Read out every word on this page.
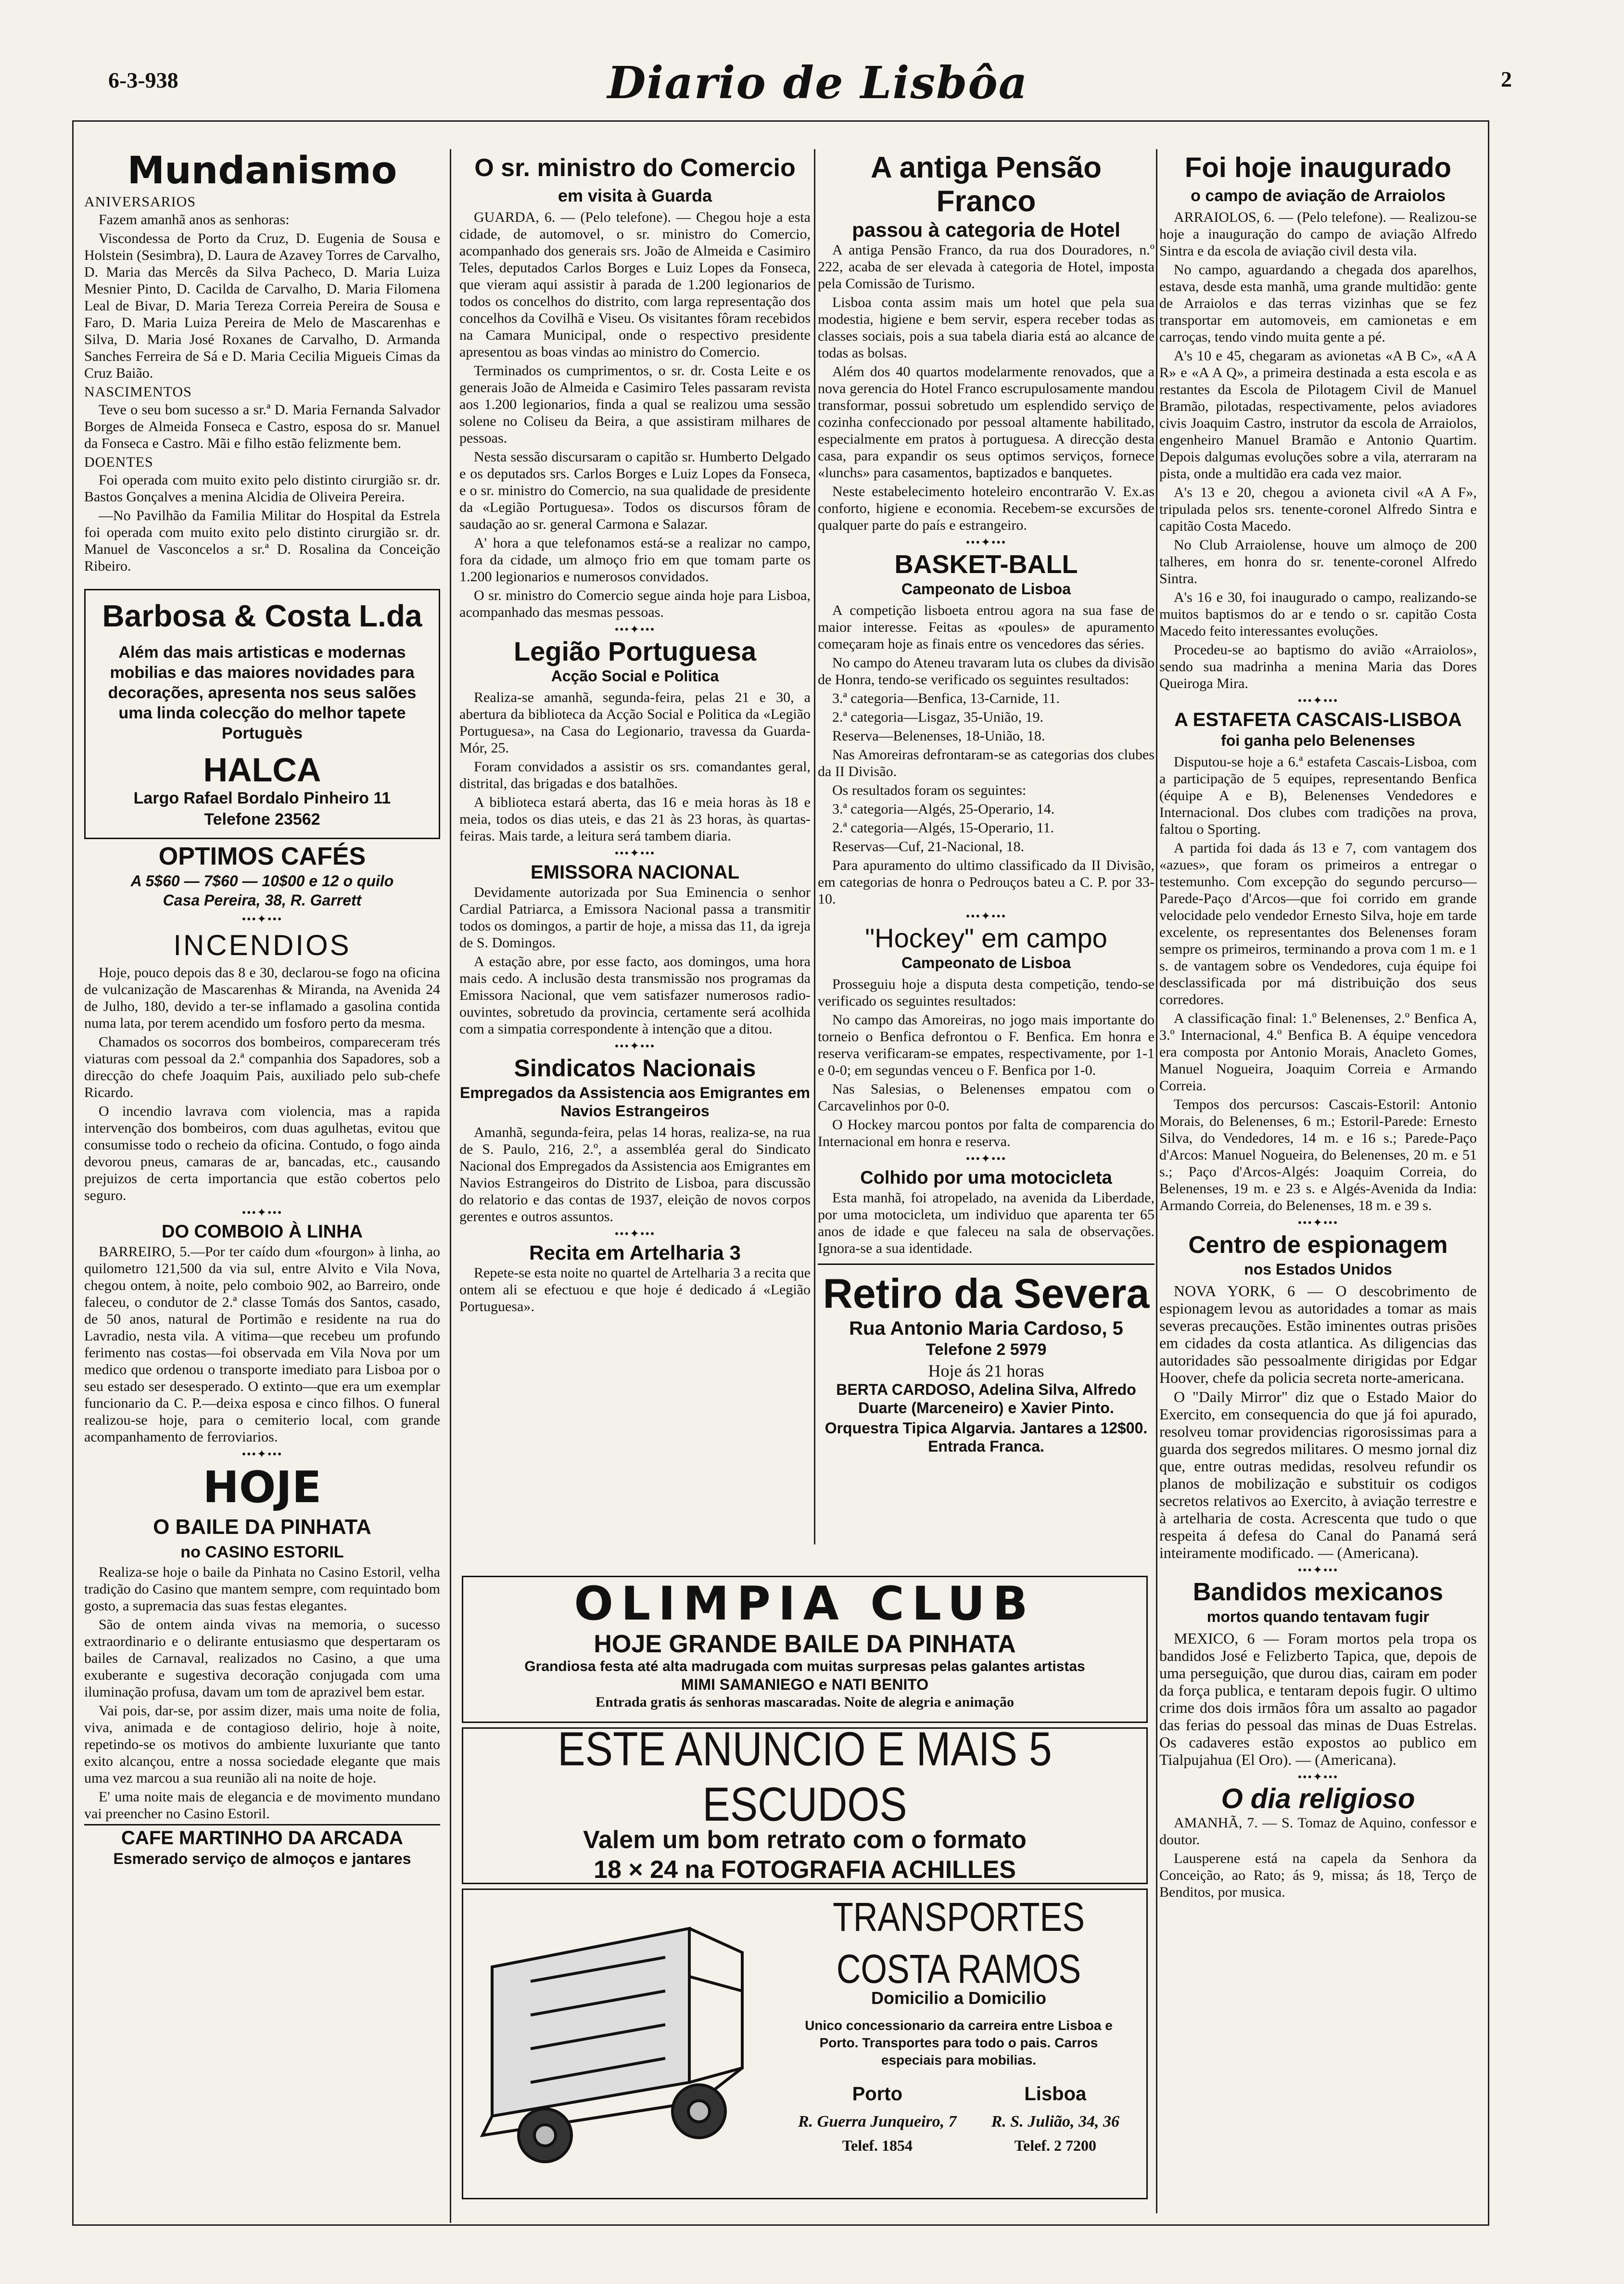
6-3-938	Diario de Lisbôa	2
Mundanismo
ANIVERSARIOS

Fazem amanhã anos as senhoras:

Viscondessa de Porto da Cruz, D. Eugenia de Sousa e Holstein (Sesimbra), D. Laura de Azavey Torres de Carvalho, D. Maria das Mercês da Silva Pacheco, D. Maria Luiza Mesnier Pinto, D. Cacilda de Carvalho, D. Maria Filomena Leal de Bivar, D. Maria Tereza Correia Pereira de Sousa e Faro, D. Maria Luiza Pereira de Melo de Mascarenhas e Silva, D. Maria José Roxanes de Carvalho, D. Armanda Sanches Ferreira de Sá e D. Maria Cecilia Migueis Cimas da Cruz Baião.

NASCIMENTOS

Teve o seu bom sucesso a sr.ª D. Maria Fernanda Salvador Borges de Almeida Fonseca e Castro, esposa do sr. Manuel da Fonseca e Castro. Mãi e filho estão felizmente bem.

DOENTES

Foi operada com muito exito pelo distinto cirurgião sr. dr. Bastos Gonçalves a menina Alcidia de Oliveira Pereira.

—No Pavilhão da Familia Militar do Hospital da Estrela foi operada com muito exito pelo distinto cirurgião sr. dr. Manuel de Vasconcelos a sr.ª D. Rosalina da Conceição Ribeiro.

Barbosa & Costa L.da

Além das mais artisticas e modernas mobilias e das maiores novidades para decorações, apresenta nos seus salões uma linda colecção do melhor tapete Portuguès

HALCA
Largo Rafael Bordalo Pinheiro 11
Telefone 23562
OPTIMOS CAFÉS
A 5$60 — 7$60 — 10$00 e 12 o quilo
Casa Pereira, 38, R. Garrett
•••✦•••
INCENDIOS

Hoje, pouco depois das 8 e 30, declarou-se fogo na oficina de vulcanização de Mascarenhas & Miranda, na Avenida 24 de Julho, 180, devido a ter-se inflamado a gasolina contida numa lata, por terem acendido um fosforo perto da mesma.

Chamados os socorros dos bombeiros, compareceram trés viaturas com pessoal da 2.ª companhia dos Sapadores, sob a direcção do chefe Joaquim Pais, auxiliado pelo sub-chefe Ricardo.

O incendio lavrava com violencia, mas a rapida intervenção dos bombeiros, com duas agulhetas, evitou que consumisse todo o recheio da oficina. Contudo, o fogo ainda devorou pneus, camaras de ar, bancadas, etc., causando prejuizos de certa importancia que estão cobertos pelo seguro.

•••✦•••
DO COMBOIO À LINHA

BARREIRO, 5.—Por ter caído dum «fourgon» à linha, ao quilometro 121,500 da via sul, entre Alvito e Vila Nova, chegou ontem, à noite, pelo comboio 902, ao Barreiro, onde faleceu, o condutor de 2.ª classe Tomás dos Santos, casado, de 50 anos, natural de Portimão e residente na rua do Lavradio, nesta vila. A vitima—que recebeu um profundo ferimento nas costas—foi observada em Vila Nova por um medico que ordenou o transporte imediato para Lisboa por o seu estado ser desesperado. O extinto—que era um exemplar funcionario da C. P.—deixa esposa e cinco filhos. O funeral realizou-se hoje, para o cemiterio local, com grande acompanhamento de ferroviarios.

•••✦•••
HOJE
O BAILE DA PINHATA
no CASINO ESTORIL

Realiza-se hoje o baile da Pinhata no Casino Estoril, velha tradição do Casino que mantem sempre, com requintado bom gosto, a supremacia das suas festas elegantes.

São de ontem ainda vivas na memoria, o sucesso extraordinario e o delirante entusiasmo que despertaram os bailes de Carnaval, realizados no Casino, a que uma exuberante e sugestiva decoração conjugada com uma iluminação profusa, davam um tom de aprazivel bem estar.

Vai pois, dar-se, por assim dizer, mais uma noite de folia, viva, animada e de contagioso delirio, hoje à noite, repetindo-se os motivos do ambiente luxuriante que tanto exito alcançou, entre a nossa sociedade elegante que mais uma vez marcou a sua reunião ali na noite de hoje.

E' uma noite mais de elegancia e de movimento mundano vai preencher no Casino Estoril.

CAFE MARTINHO DA ARCADA
Esmerado serviço de almoços e jantares
O sr. ministro do Comercio
em visita à Guarda

GUARDA, 6. — (Pelo telefone). — Chegou hoje a esta cidade, de automovel, o sr. ministro do Comercio, acompanhado dos generais srs. João de Almeida e Casimiro Teles, deputados Carlos Borges e Luiz Lopes da Fonseca, que vieram aqui assistir à parada de 1.200 legionarios de todos os concelhos do distrito, com larga representação dos concelhos da Covilhã e Viseu. Os visitantes fôram recebidos na Camara Municipal, onde o respectivo presidente apresentou as boas vindas ao ministro do Comercio.

Terminados os cumprimentos, o sr. dr. Costa Leite e os generais João de Almeida e Casimiro Teles passaram revista aos 1.200 legionarios, finda a qual se realizou uma sessão solene no Coliseu da Beira, a que assistiram milhares de pessoas.

Nesta sessão discursaram o capitão sr. Humberto Delgado e os deputados srs. Carlos Borges e Luiz Lopes da Fonseca, e o sr. ministro do Comercio, na sua qualidade de presidente da «Legião Portuguesa». Todos os discursos fôram de saudação ao sr. general Carmona e Salazar.

A' hora a que telefonamos está-se a realizar no campo, fora da cidade, um almoço frio em que tomam parte os 1.200 legionarios e numerosos convidados.

O sr. ministro do Comercio segue ainda hoje para Lisboa, acompanhado das mesmas pessoas.

•••✦•••
Legião Portuguesa
Acção Social e Politica

Realiza-se amanhã, segunda-feira, pelas 21 e 30, a abertura da biblioteca da Acção Social e Politica da «Legião Portuguesa», na Casa do Legionario, travessa da Guarda-Mór, 25.

Foram convidados a assistir os srs. comandantes geral, distrital, das brigadas e dos batalhões.

A biblioteca estará aberta, das 16 e meia horas às 18 e meia, todos os dias uteis, e das 21 às 23 horas, às quartas-feiras. Mais tarde, a leitura será tambem diaria.

•••✦•••
EMISSORA NACIONAL

Devidamente autorizada por Sua Eminencia o senhor Cardial Patriarca, a Emissora Nacional passa a transmitir todos os domingos, a partir de hoje, a missa das 11, da igreja de S. Domingos.

A estação abre, por esse facto, aos domingos, uma hora mais cedo. A inclusão desta transmissão nos programas da Emissora Nacional, que vem satisfazer numerosos radio-ouvintes, sobretudo da provincia, certamente será acolhida com a simpatia correspondente à intenção que a ditou.

•••✦•••
Sindicatos Nacionais
Empregados da Assistencia aos Emigrantes em Navios Estrangeiros

Amanhã, segunda-feira, pelas 14 horas, realiza-se, na rua de S. Paulo, 216, 2.º, a assembléa geral do Sindicato Nacional dos Empregados da Assistencia aos Emigrantes em Navios Estrangeiros do Distrito de Lisboa, para discussão do relatorio e das contas de 1937, eleição de novos corpos gerentes e outros assuntos.

•••✦•••
Recita em Artelharia 3

Repete-se esta noite no quartel de Artelharia 3 a recita que ontem ali se efectuou e que hoje é dedicado á «Legião Portuguesa».

A antiga Pensão Franco
passou à categoria de Hotel

A antiga Pensão Franco, da rua dos Douradores, n.º 222, acaba de ser elevada à categoria de Hotel, imposta pela Comissão de Turismo.

Lisboa conta assim mais um hotel que pela sua modestia, higiene e bem servir, espera receber todas as classes sociais, pois a sua tabela diaria está ao alcance de todas as bolsas.

Além dos 40 quartos modelarmente renovados, que a nova gerencia do Hotel Franco escrupulosamente mandou transformar, possui sobretudo um esplendido serviço de cozinha confeccionado por pessoal altamente habilitado, especialmente em pratos à portuguesa. A direcção desta casa, para expandir os seus optimos serviços, fornece «lunchs» para casamentos, baptizados e banquetes.

Neste estabelecimento hoteleiro encontrarão V. Ex.as conforto, higiene e economia. Recebem-se excursões de qualquer parte do país e estrangeiro.

•••✦•••
BASKET-BALL
Campeonato de Lisboa

A competição lisboeta entrou agora na sua fase de maior interesse. Feitas as «poules» de apuramento começaram hoje as finais entre os vencedores das séries.

No campo do Ateneu travaram luta os clubes da divisão de Honra, tendo-se verificado os seguintes resultados:

3.ª categoria—Benfica, 13-Carnide, 11.

2.ª categoria—Lisgaz, 35-União, 19.

Reserva—Belenenses, 18-União, 18.

Nas Amoreiras defrontaram-se as categorias dos clubes da II Divisão.

Os resultados foram os seguintes:

3.ª categoria—Algés, 25-Operario, 14.

2.ª categoria—Algés, 15-Operario, 11.

Reservas—Cuf, 21-Nacional, 18.

Para apuramento do ultimo classificado da II Divisão, em categorias de honra o Pedrouços bateu a C. P. por 33-10.

•••✦•••
"Hockey" em campo
Campeonato de Lisboa

Prosseguiu hoje a disputa desta competição, tendo-se verificado os seguintes resultados:

No campo das Amoreiras, no jogo mais importante do torneio o Benfica defrontou o F. Benfica. Em honra e reserva verificaram-se empates, respectivamente, por 1-1 e 0-0; em segundas venceu o F. Benfica por 1-0.

Nas Salesias, o Belenenses empatou com o Carcavelinhos por 0-0.

O Hockey marcou pontos por falta de comparencia do Internacional em honra e reserva.

•••✦•••
Colhido por uma motocicleta

Esta manhã, foi atropelado, na avenida da Liberdade, por uma motocicleta, um individuo que aparenta ter 65 anos de idade e que faleceu na sala de observações. Ignora-se a sua identidade.

Retiro da Severa
Rua Antonio Maria Cardoso, 5
Telefone 2 5979
Hoje ás 21 horas

BERTA CARDOSO, Adelina Silva, Alfredo Duarte (Marceneiro) e Xavier Pinto.

Orquestra Tipica Algarvia. Jantares a 12$00. Entrada Franca.

Foi hoje inaugurado
o campo de aviação de Arraiolos

ARRAIOLOS, 6. — (Pelo telefone). — Realizou-se hoje a inauguração do campo de aviação Alfredo Sintra e da escola de aviação civil desta vila.

No campo, aguardando a chegada dos aparelhos, estava, desde esta manhã, uma grande multidão: gente de Arraiolos e das terras vizinhas que se fez transportar em automoveis, em camionetas e em carroças, tendo vindo muita gente a pé.

A's 10 e 45, chegaram as avionetas «A B C», «A A R» e «A A Q», a primeira destinada a esta escola e as restantes da Escola de Pilotagem Civil de Manuel Bramão, pilotadas, respectivamente, pelos aviadores civis Joaquim Castro, instrutor da escola de Arraiolos, engenheiro Manuel Bramão e Antonio Quartim. Depois dalgumas evoluções sobre a vila, aterraram na pista, onde a multidão era cada vez maior.

A's 13 e 20, chegou a avioneta civil «A A F», tripulada pelos srs. tenente-coronel Alfredo Sintra e capitão Costa Macedo.

No Club Arraiolense, houve um almoço de 200 talheres, em honra do sr. tenente-coronel Alfredo Sintra.

A's 16 e 30, foi inaugurado o campo, realizando-se muitos baptismos do ar e tendo o sr. capitão Costa Macedo feito interessantes evoluções.

Procedeu-se ao baptismo do avião «Arraiolos», sendo sua madrinha a menina Maria das Dores Queiroga Mira.

•••✦•••
A ESTAFETA CASCAIS-LISBOA
foi ganha pelo Belenenses

Disputou-se hoje a 6.ª estafeta Cascais-Lisboa, com a participação de 5 equipes, representando Benfica (équipe A e B), Belenenses Vendedores e Internacional. Dos clubes com tradições na prova, faltou o Sporting.

A partida foi dada ás 13 e 7, com vantagem dos «azues», que foram os primeiros a entregar o testemunho. Com excepção do segundo percurso—Parede-Paço d'Arcos—que foi corrido em grande velocidade pelo vendedor Ernesto Silva, hoje em tarde excelente, os representantes dos Belenenses foram sempre os primeiros, terminando a prova com 1 m. e 1 s. de vantagem sobre os Vendedores, cuja équipe foi desclassificada por má distribuição dos seus corredores.

A classificação final: 1.º Belenenses, 2.º Benfica A, 3.º Internacional, 4.º Benfica B. A équipe vencedora era composta por Antonio Morais, Anacleto Gomes, Manuel Nogueira, Joaquim Correia e Armando Correia.

Tempos dos percursos: Cascais-Estoril: Antonio Morais, do Belenenses, 6 m.; Estoril-Parede: Ernesto Silva, do Vendedores, 14 m. e 16 s.; Parede-Paço d'Arcos: Manuel Nogueira, do Belenenses, 20 m. e 51 s.; Paço d'Arcos-Algés: Joaquim Correia, do Belenenses, 19 m. e 23 s. e Algés-Avenida da India: Armando Correia, do Belenenses, 18 m. e 39 s.

•••✦•••
Centro de espionagem
nos Estados Unidos

NOVA YORK, 6 — O descobrimento de espionagem levou as autoridades a tomar as mais severas precauções. Estão iminentes outras prisões em cidades da costa atlantica. As diligencias das autoridades são pessoalmente dirigidas por Edgar Hoover, chefe da policia secreta norte-americana.

O "Daily Mirror" diz que o Estado Maior do Exercito, em consequencia do que já foi apurado, resolveu tomar providencias rigorosissimas para a guarda dos segredos militares. O mesmo jornal diz que, entre outras medidas, resolveu refundir os planos de mobilização e substituir os codigos secretos relativos ao Exercito, à aviação terrestre e à artelharia de costa. Acrescenta que tudo o que respeita á defesa do Canal do Panamá será inteiramente modificado. — (Americana).

•••✦•••
Bandidos mexicanos
mortos quando tentavam fugir

MEXICO, 6 — Foram mortos pela tropa os bandidos José e Felizberto Tapica, que, depois de uma perseguição, que durou dias, cairam em poder da força publica, e tentaram depois fugir. O ultimo crime dos dois irmãos fôra um assalto ao pagador das ferias do pessoal das minas de Duas Estrelas. Os cadaveres estão expostos ao publico em Tialpujahua (El Oro). — (Americana).

•••✦•••
O dia religioso

AMANHÃ, 7. — S. Tomaz de Aquino, confessor e doutor.

Lausperene está na capela da Senhora da Conceição, ao Rato; ás 9, missa; ás 18, Terço de Benditos, por musica.

OLIMPIA CLUB
HOJE GRANDE BAILE DA PINHATA
Grandiosa festa até alta madrugada com muitas surpresas pelas galantes artistas
MIMI SAMANIEGO e NATI BENITO
Entrada gratis ás senhoras mascaradas. Noite de alegria e animação
ESTE ANUNCIO E MAIS 5 ESCUDOS
Valem um bom retrato com o formato
18 × 24 na FOTOGRAFIA ACHILLES
TRANSPORTES COSTA RAMOS
Domicilio a Domicilio
Unico concessionario da carreira entre Lisboa e Porto. Transportes para todo o pais. Carros especiais para mobilias.
Porto
R. Guerra Junqueiro, 7
Telef. 1854
Lisboa
R. S. Julião, 34, 36
Telef. 2 7200
